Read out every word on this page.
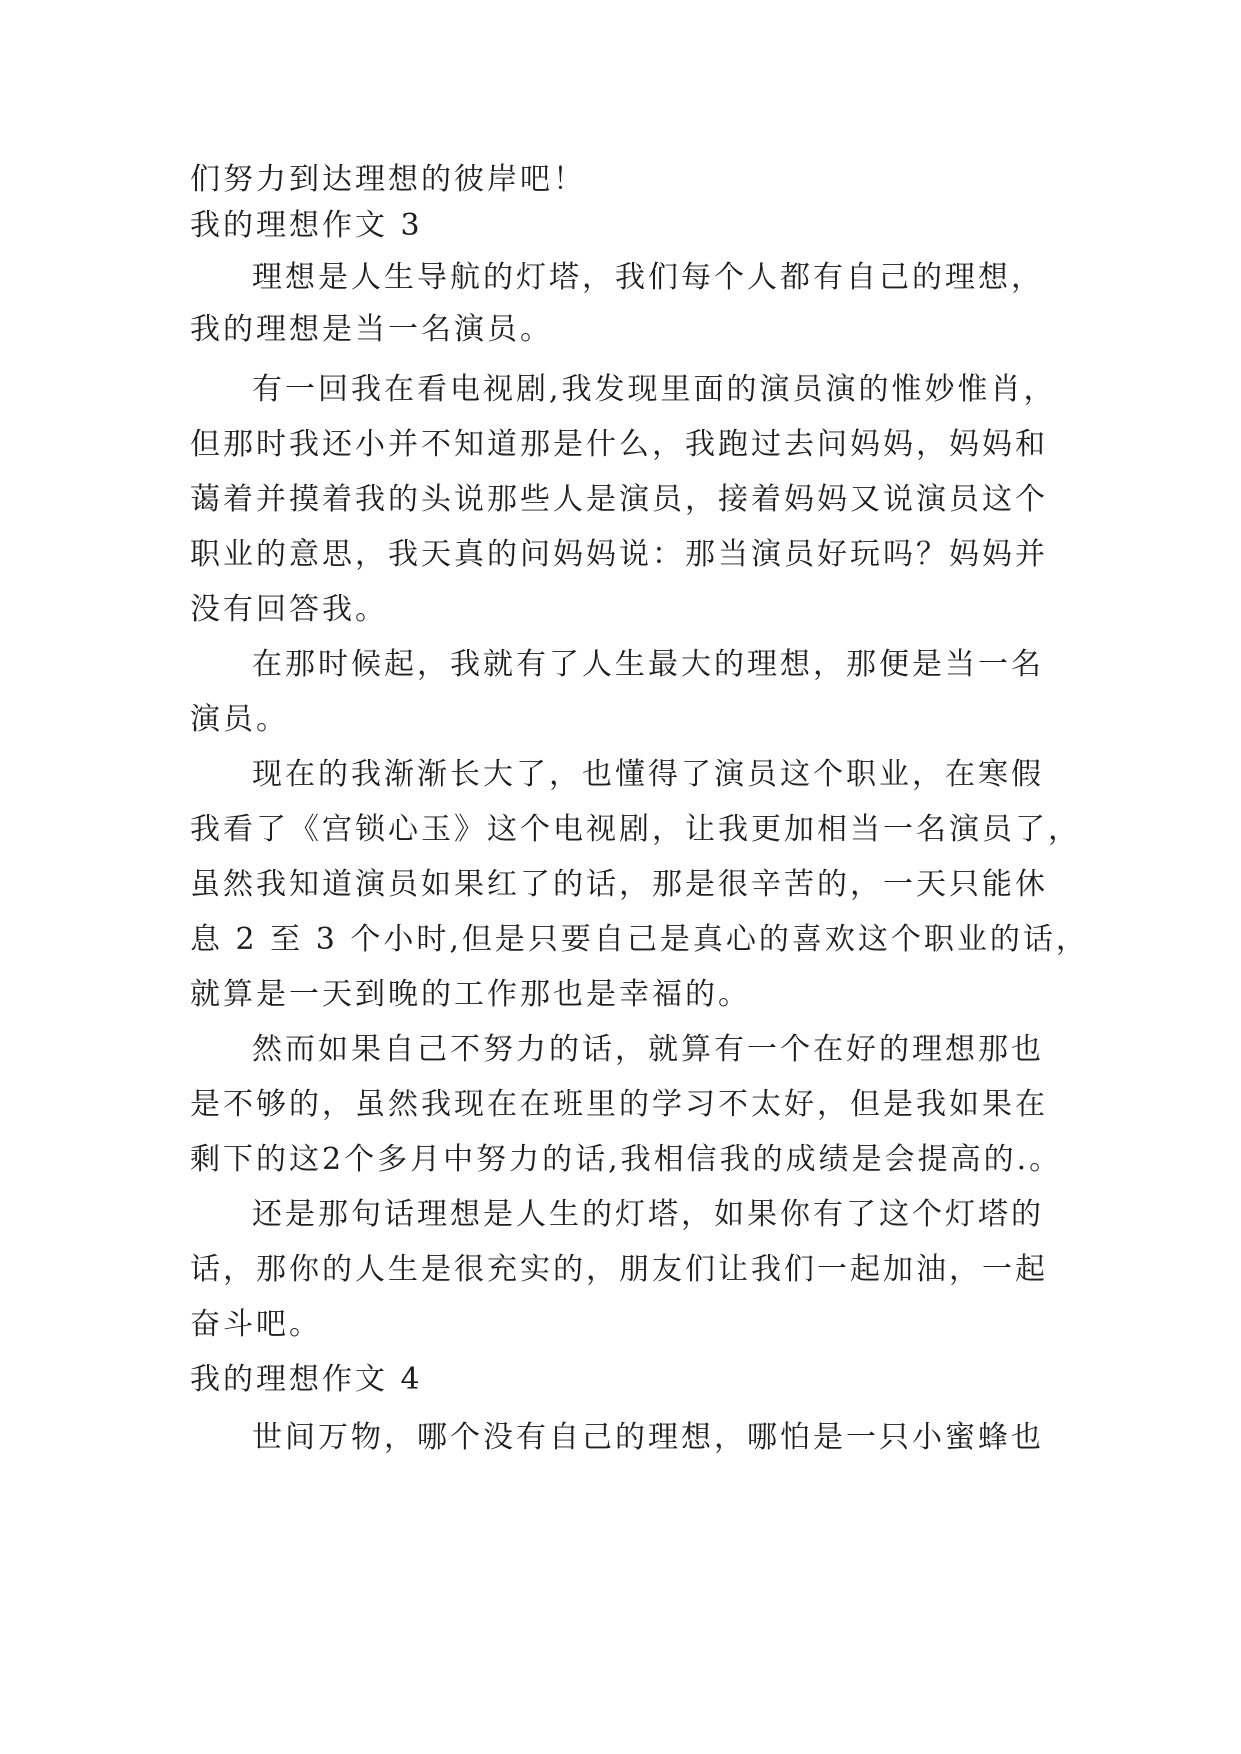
们努力到达理想的彼岸吧！
我的理想作文 3
理想是人生导航的灯塔，我们每个人都有自己的理想，
我的理想是当一名演员。
有一回我在看电视剧,我发现里面的演员演的惟妙惟肖，
但那时我还小并不知道那是什么，我跑过去问妈妈，妈妈和
蔼着并摸着我的头说那些人是演员，接着妈妈又说演员这个
职业的意思，我天真的问妈妈说：那当演员好玩吗？妈妈并
没有回答我。
在那时候起，我就有了人生最大的理想，那便是当一名
演员。
现在的我渐渐长大了，也懂得了演员这个职业，在寒假
我看了《宫锁心玉》这个电视剧，让我更加相当一名演员了，
虽然我知道演员如果红了的话，那是很辛苦的，一天只能休
息 2 至 3 个小时,但是只要自己是真心的喜欢这个职业的话，
就算是一天到晚的工作那也是幸福的。
然而如果自己不努力的话，就算有一个在好的理想那也
是不够的，虽然我现在在班里的学习不太好，但是我如果在
剩下的这2个多月中努力的话,我相信我的成绩是会提高的.。
还是那句话理想是人生的灯塔，如果你有了这个灯塔的
话，那你的人生是很充实的，朋友们让我们一起加油，一起
奋斗吧。
我的理想作文 4
世间万物，哪个没有自己的理想，哪怕是一只小蜜蜂也
